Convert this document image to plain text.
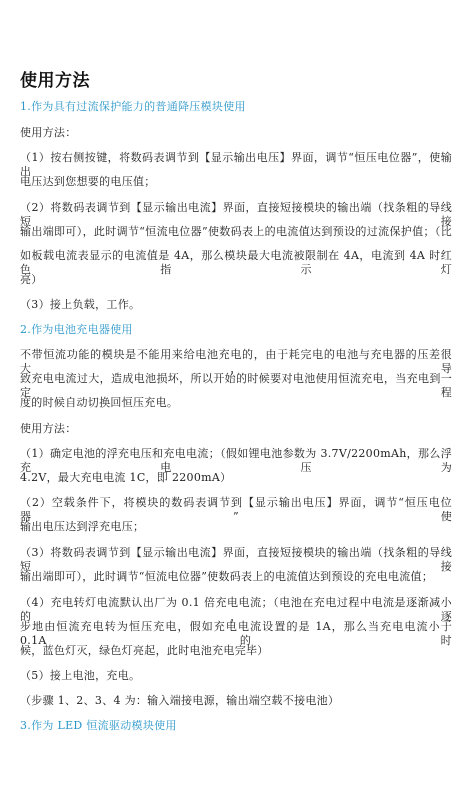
使用方法
1.作为具有过流保护能力的普通降压模块使用
使用方法：
（1）按右侧按键，将数码表调节到【显示输出电压】界面，调节“恒压电位器”，使输出
电压达到您想要的电压值；
（2）将数码表调节到【显示输出电流】界面，直接短接模块的输出端（找条粗的导线短接
输出端即可），此时调节“恒流电位器”使数码表上的电流值达到预设的过流保护值；（比
如板载电流表显示的电流值是 4A，那么模块最大电流被限制在 4A，电流到 4A 时红色指示灯
亮）
（3）接上负载，工作。
2.作为电池充电器使用
不带恒流功能的模块是不能用来给电池充电的，由于耗完电的电池与充电器的压差很大，导
致充电电流过大，造成电池损坏，所以开始的时候要对电池使用恒流充电，当充电到一定程
度的时候自动切换回恒压充电。
使用方法：
（1）确定电池的浮充电压和充电电流；（假如锂电池参数为 3.7V/2200mAh，那么浮充电压为
4.2V，最大充电电流 1C，即 2200mA）
（2）空载条件下，将模块的数码表调节到【显示输出电压】界面，调节“恒压电位器”使
输出电压达到浮充电压；
（3）将数码表调节到【显示输出电流】界面，直接短接模块的输出端（找条粗的导线短接
输出端即可），此时调节“恒流电位器”使数码表上的电流值达到预设的充电电流值；
（4）充电转灯电流默认出厂为 0.1 倍充电电流；（电池在充电过程中电流是逐渐减小的，逐
步地由恒流充电转为恒压充电，假如充电电流设置的是 1A，那么当充电电流小于 0.1A 的时
候，蓝色灯灭，绿色灯亮起，此时电池充电完毕）
（5）接上电池，充电。
（步骤 1、2、3、4 为：输入端接电源，输出端空载不接电池）
3.作为 LED 恒流驱动模块使用
